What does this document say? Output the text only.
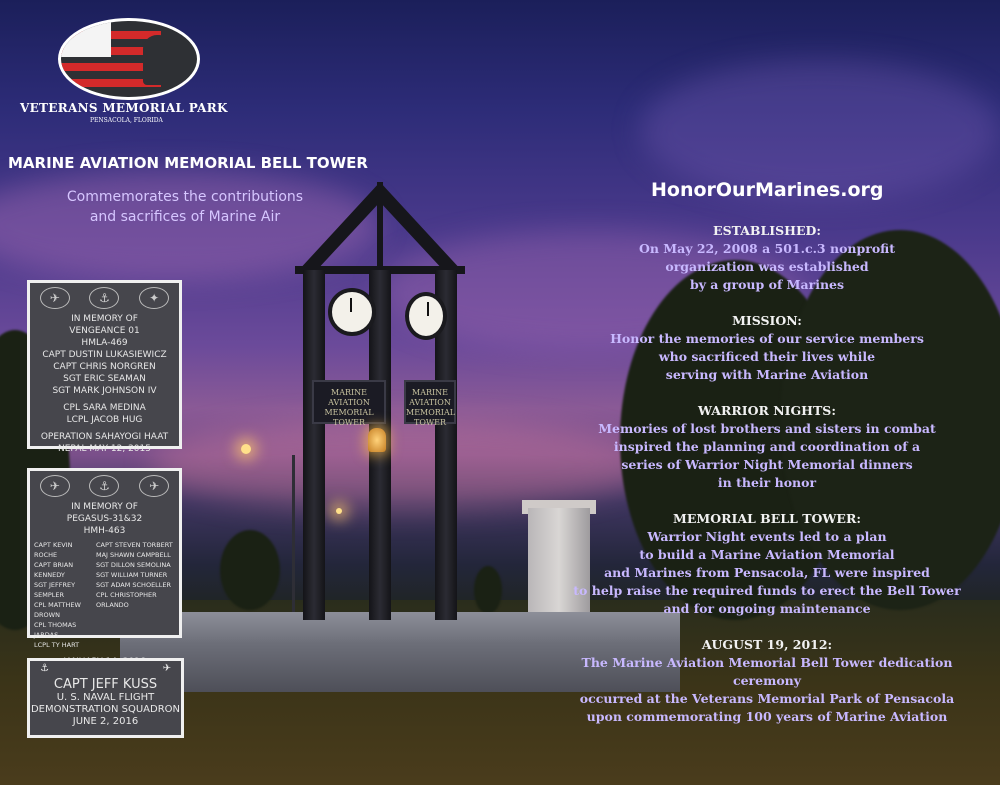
MARINE AVIATION
MEMORIAL TOWER
MARINE AVIATION
MEMORIAL TOWER
VETERANS MEMORIAL PARK
PENSACOLA, FLORIDA
MARINE AVIATION MEMORIAL BELL TOWER
Commemorates the contributions
and sacrifices of Marine Air
✈	⚓	✦
IN MEMORY OF
VENGEANCE 01
HMLA-469
CAPT DUSTIN LUKASIEWICZ
CAPT CHRIS NORGREN
SGT ERIC SEAMAN
SGT MARK JOHNSON IV
CPL SARA MEDINA
LCPL JACOB HUG
OPERATION SAHAYOGI HAAT
NEPAL MAY 12, 2015
✈	⚓	✈
IN MEMORY OF
PEGASUS-31&32
HMH-463
CAPT KEVIN ROCHE
CAPT BRIAN KENNEDY
SGT JEFFREY SEMPLER
CPL MATTHEW DROWN
CPL THOMAS JARDAS
LCPL TY HART
CAPT STEVEN TORBERT
MAJ SHAWN CAMPBELL
SGT DILLON SEMOLINA
SGT WILLIAM TURNER
SGT ADAM SCHOELLER
CPL CHRISTOPHER ORLANDO
⚓	✈
CAPT JEFF KUSS
U. S. NAVAL FLIGHT
DEMONSTRATION SQUADRON
JUNE 2, 2016
HonorOurMarines.org
ESTABLISHED:
On May 22, 2008 a 501.c.3 nonprofit
organization was established
by a group of Marines
MISSION:
Honor the memories of our service members
who sacrificed their lives while
serving with Marine Aviation
WARRIOR NIGHTS:
Memories of lost brothers and sisters in combat
inspired the planning and coordination of a
series of Warrior Night Memorial dinners
in their honor
MEMORIAL BELL TOWER:
Warrior Night events led to a plan
to build a Marine Aviation Memorial
and Marines from Pensacola, FL were inspired
to help raise the required funds to erect the Bell Tower
and for ongoing maintenance
AUGUST 19, 2012:
The Marine Aviation Memorial Bell Tower dedication ceremony
occurred at the Veterans Memorial Park of Pensacola
upon commemorating 100 years of Marine Aviation
